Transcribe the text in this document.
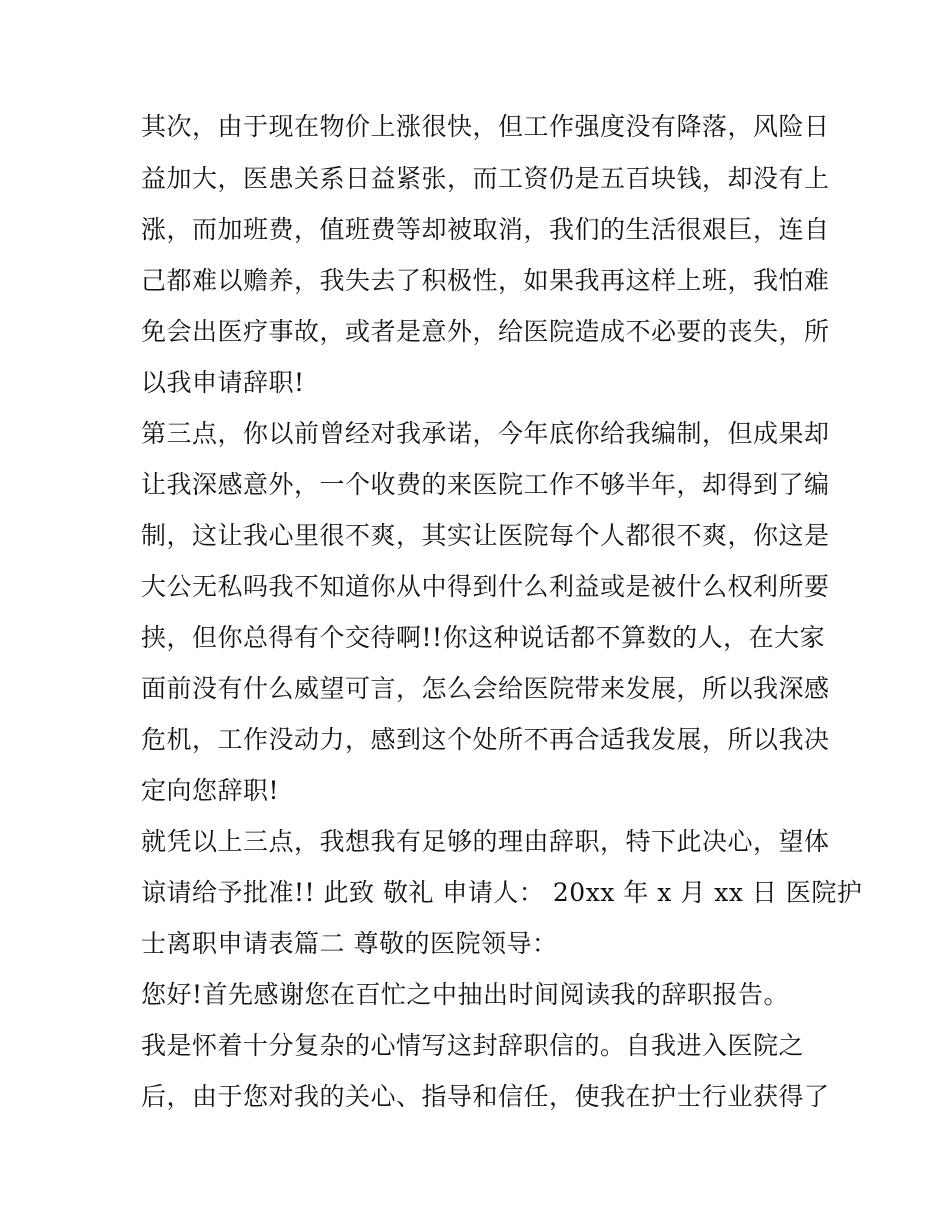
其次，由于现在物价上涨很快，但工作强度没有降落，风险日
益加大，医患关系日益紧张，而工资仍是五百块钱，却没有上
涨，而加班费，值班费等却被取消，我们的生活很艰巨，连自
己都难以赡养，我失去了积极性，如果我再这样上班，我怕难
免会出医疗事故，或者是意外，给医院造成不必要的丧失，所
以我申请辞职!
第三点，你以前曾经对我承诺，今年底你给我编制，但成果却
让我深感意外，一个收费的来医院工作不够半年，却得到了编
制，这让我心里很不爽，其实让医院每个人都很不爽，你这是
大公无私吗我不知道你从中得到什么利益或是被什么权利所要
挟，但你总得有个交待啊!!你这种说话都不算数的人，在大家
面前没有什么威望可言，怎么会给医院带来发展，所以我深感
危机，工作没动力，感到这个处所不再合适我发展，所以我决
定向您辞职!
就凭以上三点，我想我有足够的理由辞职，特下此决心，望体
谅请给予批准!! 此致 敬礼 申请人： 20xx 年 x 月 xx 日 医院护
士离职申请表篇二 尊敬的医院领导：
您好!首先感谢您在百忙之中抽出时间阅读我的辞职报告。
我是怀着十分复杂的心情写这封辞职信的。自我进入医院之
后，由于您对我的关心、指导和信任，使我在护士行业获得了
